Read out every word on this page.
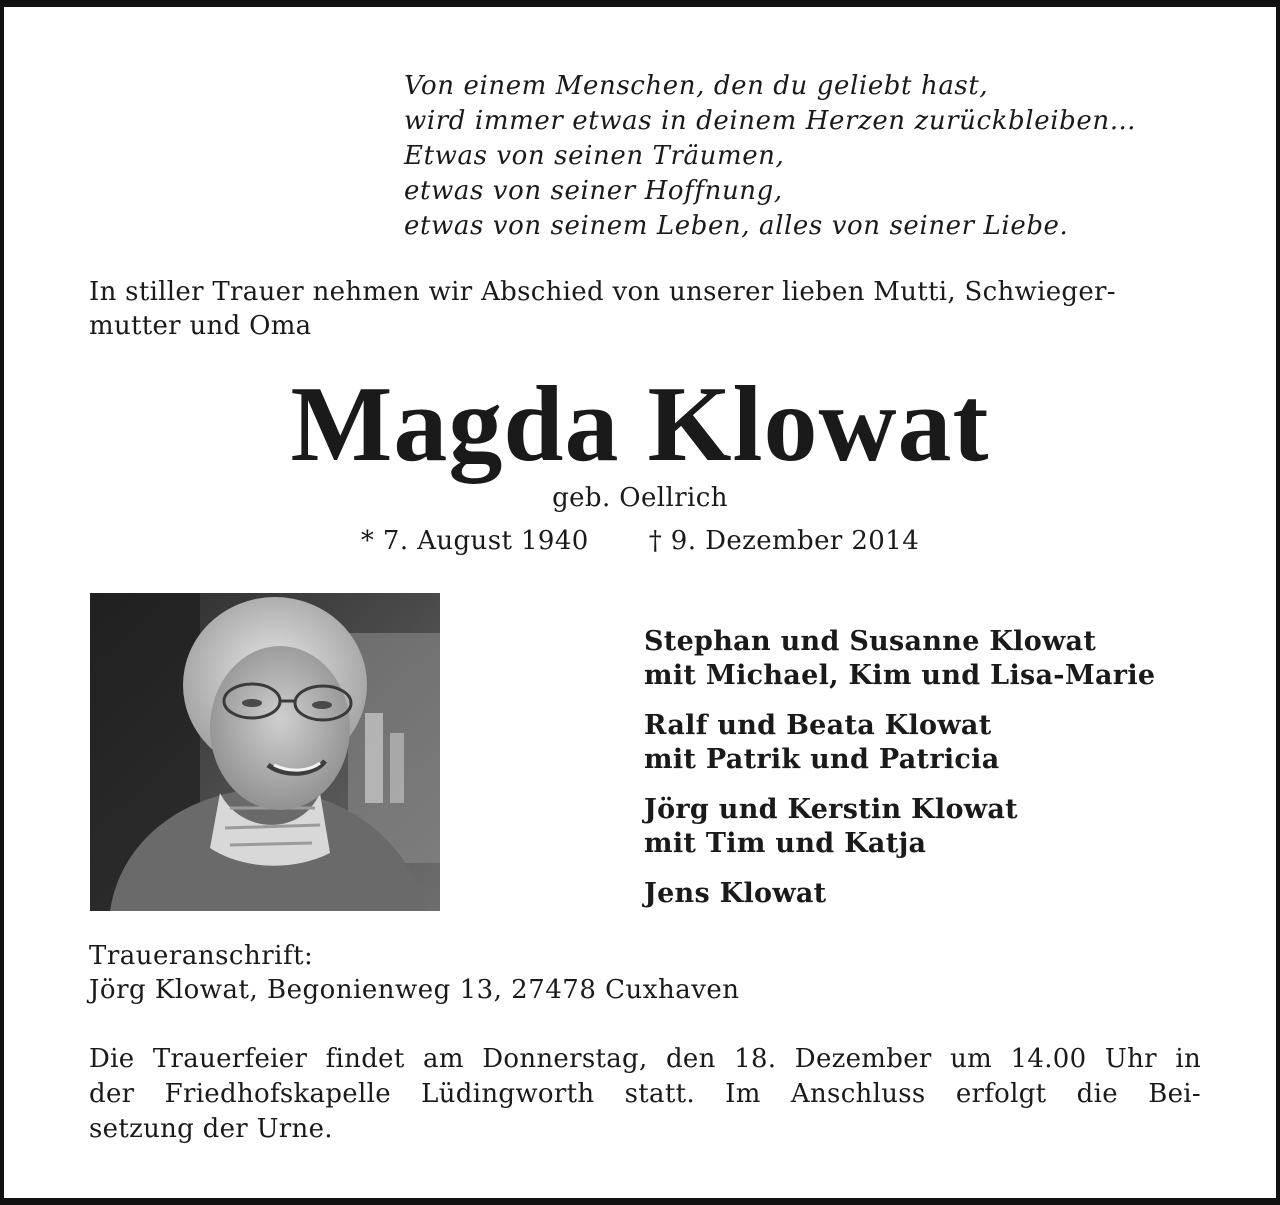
Von einem Menschen, den du geliebt hast,
wird immer etwas in deinem Herzen zurückbleiben…
Etwas von seinen Träumen,
etwas von seiner Hoffnung,
etwas von seinem Leben, alles von seiner Liebe.
In stiller Trauer nehmen wir Abschied von unserer lieben Mutti, Schwieger-
mutter und Oma
Magda Klowat
geb. Oellrich
* 7. August 1940 † 9. Dezember 2014
Stephan und Susanne Klowat
mit Michael, Kim und Lisa-Marie
Ralf und Beata Klowat
mit Patrik und Patricia
Jörg und Kerstin Klowat
mit Tim und Katja
Jens Klowat
Traueranschrift:
Jörg Klowat, Begonienweg 13, 27478 Cuxhaven
Die Trauerfeier findet am Donnerstag, den 18. Dezember um 14.00 Uhr in
der Friedhofskapelle Lüdingworth statt. Im Anschluss erfolgt die Bei-
setzung der Urne.
